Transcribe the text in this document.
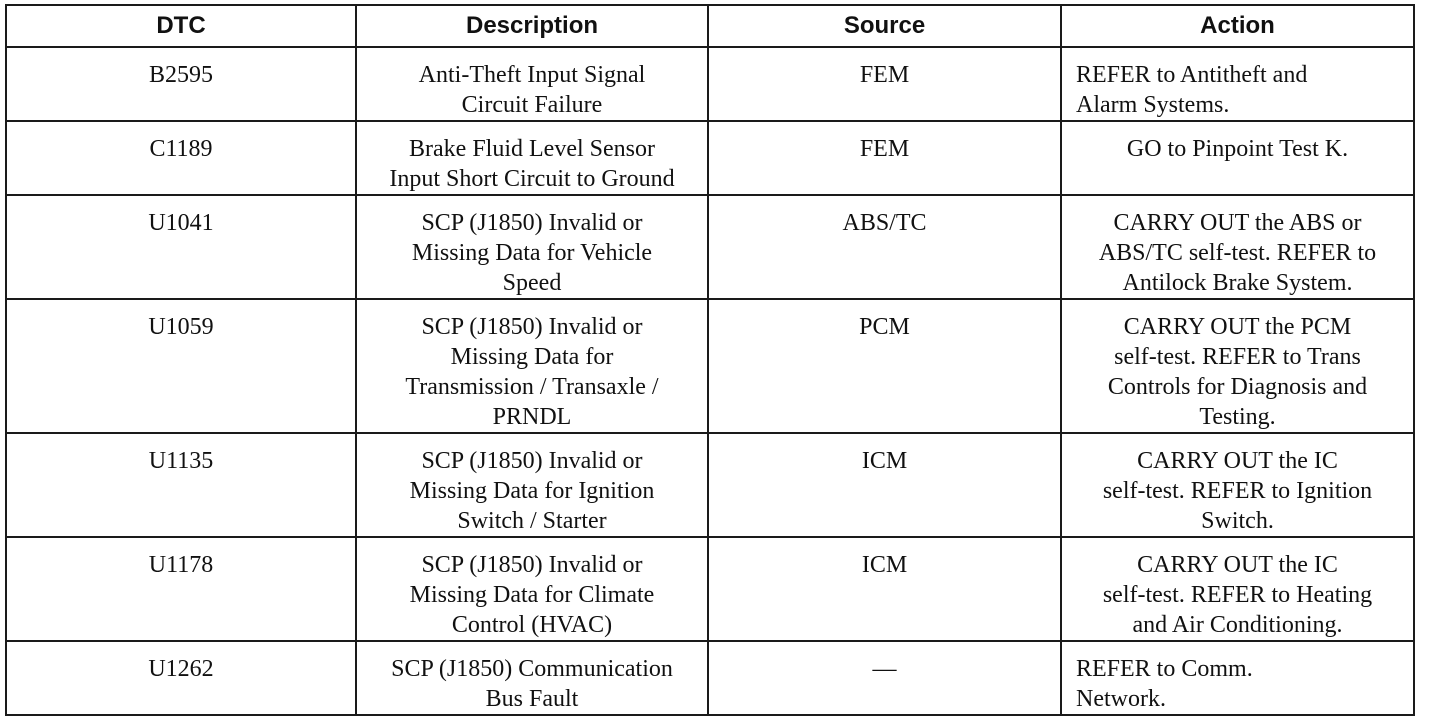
DTC	Description	Source	Action

B2595	Anti-Theft Input Signal
Circuit Failure	FEM	REFER to Antitheft and
Alarm Systems.

C1189	Brake Fluid Level Sensor
Input Short Circuit to Ground	FEM	GO to Pinpoint Test K.

U1041	SCP (J1850) Invalid or
Missing Data for Vehicle
Speed	ABS/TC	CARRY OUT the ABS or
ABS/TC self-test. REFER to
Antilock Brake System.

U1059	SCP (J1850) Invalid or
Missing Data for
Transmission / Transaxle /
PRNDL	PCM	CARRY OUT the PCM
self-test. REFER to Trans
Controls for Diagnosis and
Testing.

U1135	SCP (J1850) Invalid or
Missing Data for Ignition
Switch / Starter	ICM	CARRY OUT the IC
self-test. REFER to Ignition
Switch.

U1178	SCP (J1850) Invalid or
Missing Data for Climate
Control (HVAC)	ICM	CARRY OUT the IC
self-test. REFER to Heating
and Air Conditioning.

U1262	SCP (J1850) Communication
Bus Fault	—	REFER to Comm.
Network.
